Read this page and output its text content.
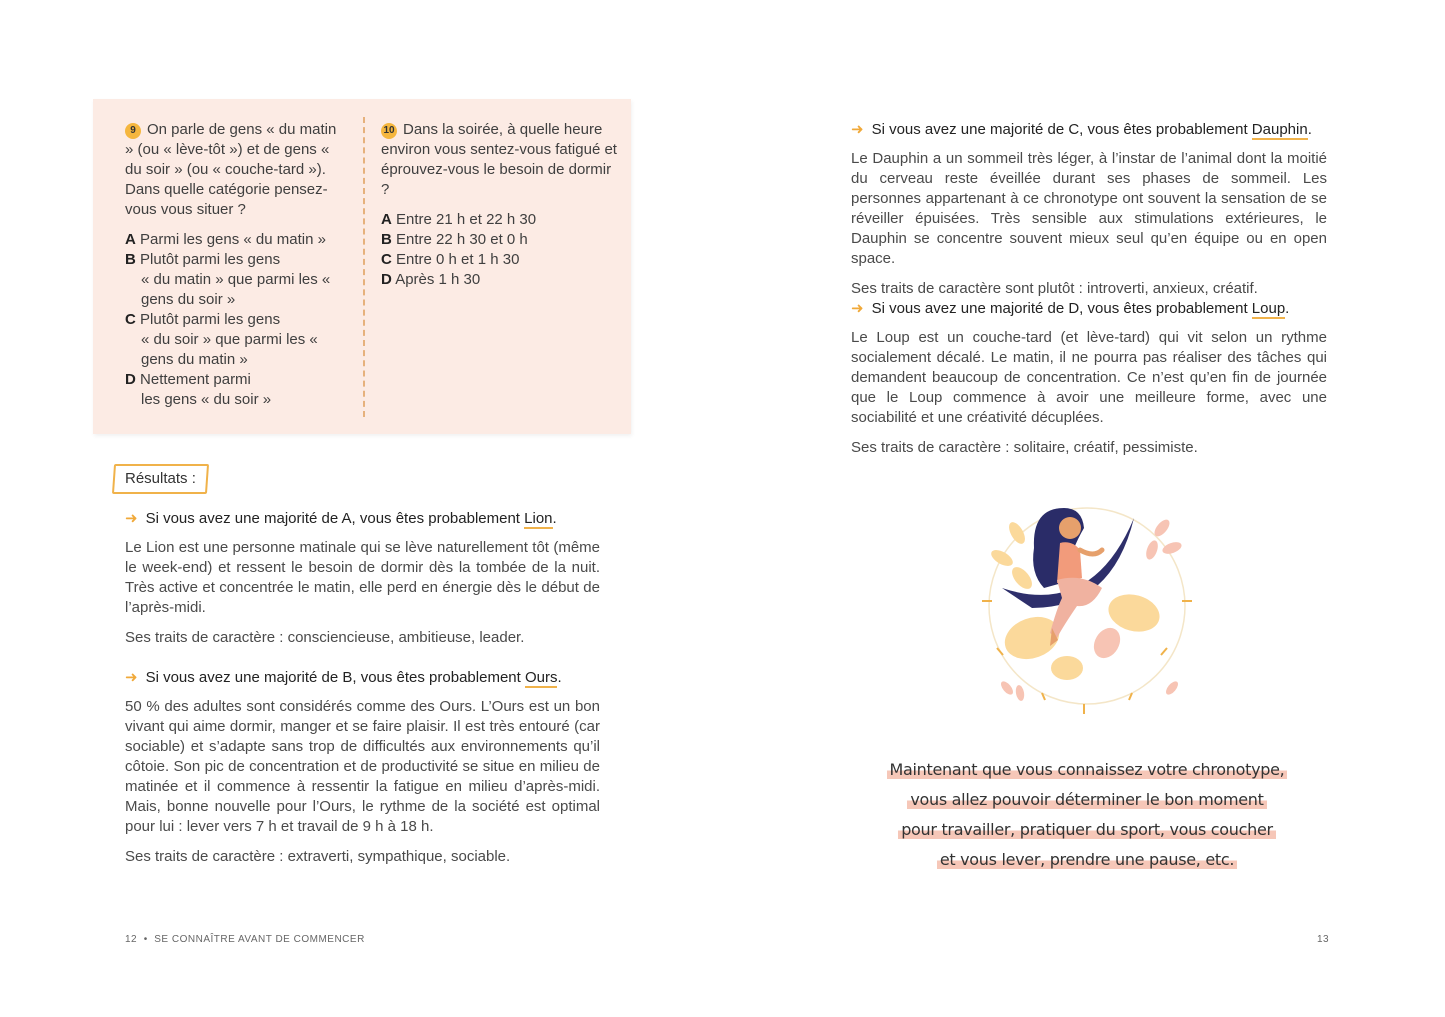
9 On parle de gens « du matin » (ou « lève-tôt ») et de gens « du soir » (ou « couche-tard »). Dans quelle catégorie pensez-vous vous situer ?

A Parmi les gens « du matin »

B Plutôt parmi les gens
« du matin » que parmi les « gens du soir »

C Plutôt parmi les gens
« du soir » que parmi les « gens du matin »

D Nettement parmi
les gens « du soir »

10 Dans la soirée, à quelle heure environ vous sentez-vous fatigué et éprouvez-vous le besoin de dormir ?

A Entre 21 h et 22 h 30

B Entre 22 h 30 et 0 h

C Entre 0 h et 1 h 30

D Après 1 h 30

Résultats :
➜ Si vous avez une majorité de A, vous êtes probablement Lion.

Le Lion est une personne matinale qui se lève naturellement tôt (même le week-end) et ressent le besoin de dormir dès la tombée de la nuit. Très active et concentrée le matin, elle perd en énergie dès le début de l’après-midi.

Ses traits de caractère : consciencieuse, ambitieuse, leader.

➜ Si vous avez une majorité de B, vous êtes probablement Ours.

50 % des adultes sont considérés comme des Ours. L’Ours est un bon vivant qui aime dormir, manger et se faire plaisir. Il est très entouré (car sociable) et s’adapte sans trop de difficultés aux environnements qu’il côtoie. Son pic de concentration et de productivité se situe en milieu de matinée et il commence à ressentir la fatigue en milieu d’après-midi. Mais, bonne nouvelle pour l’Ours, le rythme de la société est optimal pour lui : lever vers 7 h et travail de 9 h à 18 h.

Ses traits de caractère : extraverti, sympathique, sociable.

12 • SE CONNAÎTRE AVANT DE COMMENCER
➜ Si vous avez une majorité de C, vous êtes probablement Dauphin.

Le Dauphin a un sommeil très léger, à l’instar de l’animal dont la moitié du cerveau reste éveillée durant ses phases de sommeil. Les personnes appartenant à ce chronotype ont souvent la sensation de se réveiller épuisées. Très sensible aux stimulations extérieures, le Dauphin se concentre souvent mieux seul qu’en équipe ou en open space.

Ses traits de caractère sont plutôt : introverti, anxieux, créatif.

➜ Si vous avez une majorité de D, vous êtes probablement Loup.

Le Loup est un couche-tard (et lève-tard) qui vit selon un rythme socialement décalé. Le matin, il ne pourra pas réaliser des tâches qui demandent beaucoup de concentration. Ce n’est qu’en fin de journée que le Loup commence à avoir une meilleure forme, avec une sociabilité et une créativité décuplées.

Ses traits de caractère : solitaire, créatif, pessimiste.

Maintenant que vous connaissez votre chronotype,
vous allez pouvoir déterminer le bon moment
pour travailler, pratiquer du sport, vous coucher
et vous lever, prendre une pause, etc.
13
